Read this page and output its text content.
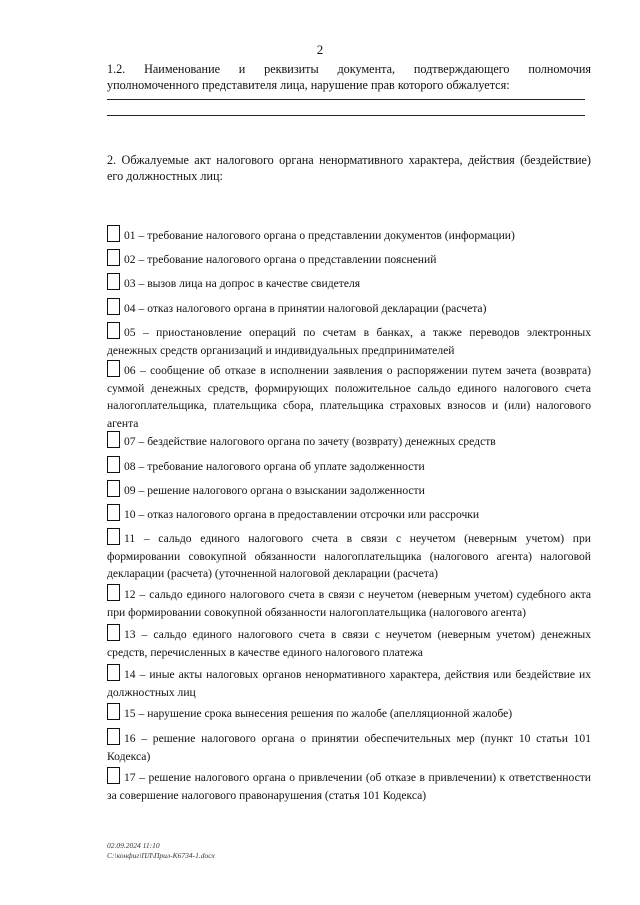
2
1.2. Наименование и реквизиты документа, подтверждающего полномочия уполномоченного представителя лица, нарушение прав которого обжалуется:
2. Обжалуемые акт налогового органа ненормативного характера, действия (бездействие) его должностных лиц:
01 – требование налогового органа о представлении документов (информации)
02 – требование налогового органа о представлении пояснений
03 – вызов лица на допрос в качестве свидетеля
04 – отказ налогового органа в принятии налоговой декларации (расчета)
05 – приостановление операций по счетам в банках, а также переводов электронных денежных средств организаций и индивидуальных предпринимателей
06 – сообщение об отказе в исполнении заявления о распоряжении путем зачета (возврата) суммой денежных средств, формирующих положительное сальдо единого налогового счета налогоплательщика, плательщика сбора, плательщика страховых взносов и (или) налогового агента
07 – бездействие налогового органа по зачету (возврату) денежных средств
08 – требование налогового органа об уплате задолженности
09 – решение налогового органа о взыскании задолженности
10 – отказ налогового органа в предоставлении отсрочки или рассрочки
11 – сальдо единого налогового счета в связи с неучетом (неверным учетом) при формировании совокупной обязанности налогоплательщика (налогового агента) налоговой декларации (расчета) (уточненной налоговой декларации (расчета)
12 – сальдо единого налогового счета в связи с неучетом (неверным учетом) судебного акта при формировании совокупной обязанности налогоплательщика (налогового агента)
13 – сальдо единого налогового счета в связи с неучетом (неверным учетом) денежных средств, перечисленных в качестве единого налогового платежа
14 – иные акты налоговых органов ненормативного характера, действия или бездействие их должностных лиц
15 – нарушение срока вынесения решения по жалобе (апелляционной жалобе)
16 – решение налогового органа о принятии обеспечительных мер (пункт 10 статьи 101 Кодекса)
17 – решение налогового органа о привлечении (об отказе в привлечении) к ответственности за совершение налогового правонарушения (статья 101 Кодекса)
02.09.2024 11:10
С:\конфиг\ПЛ\Прил-К6734-1.docx
